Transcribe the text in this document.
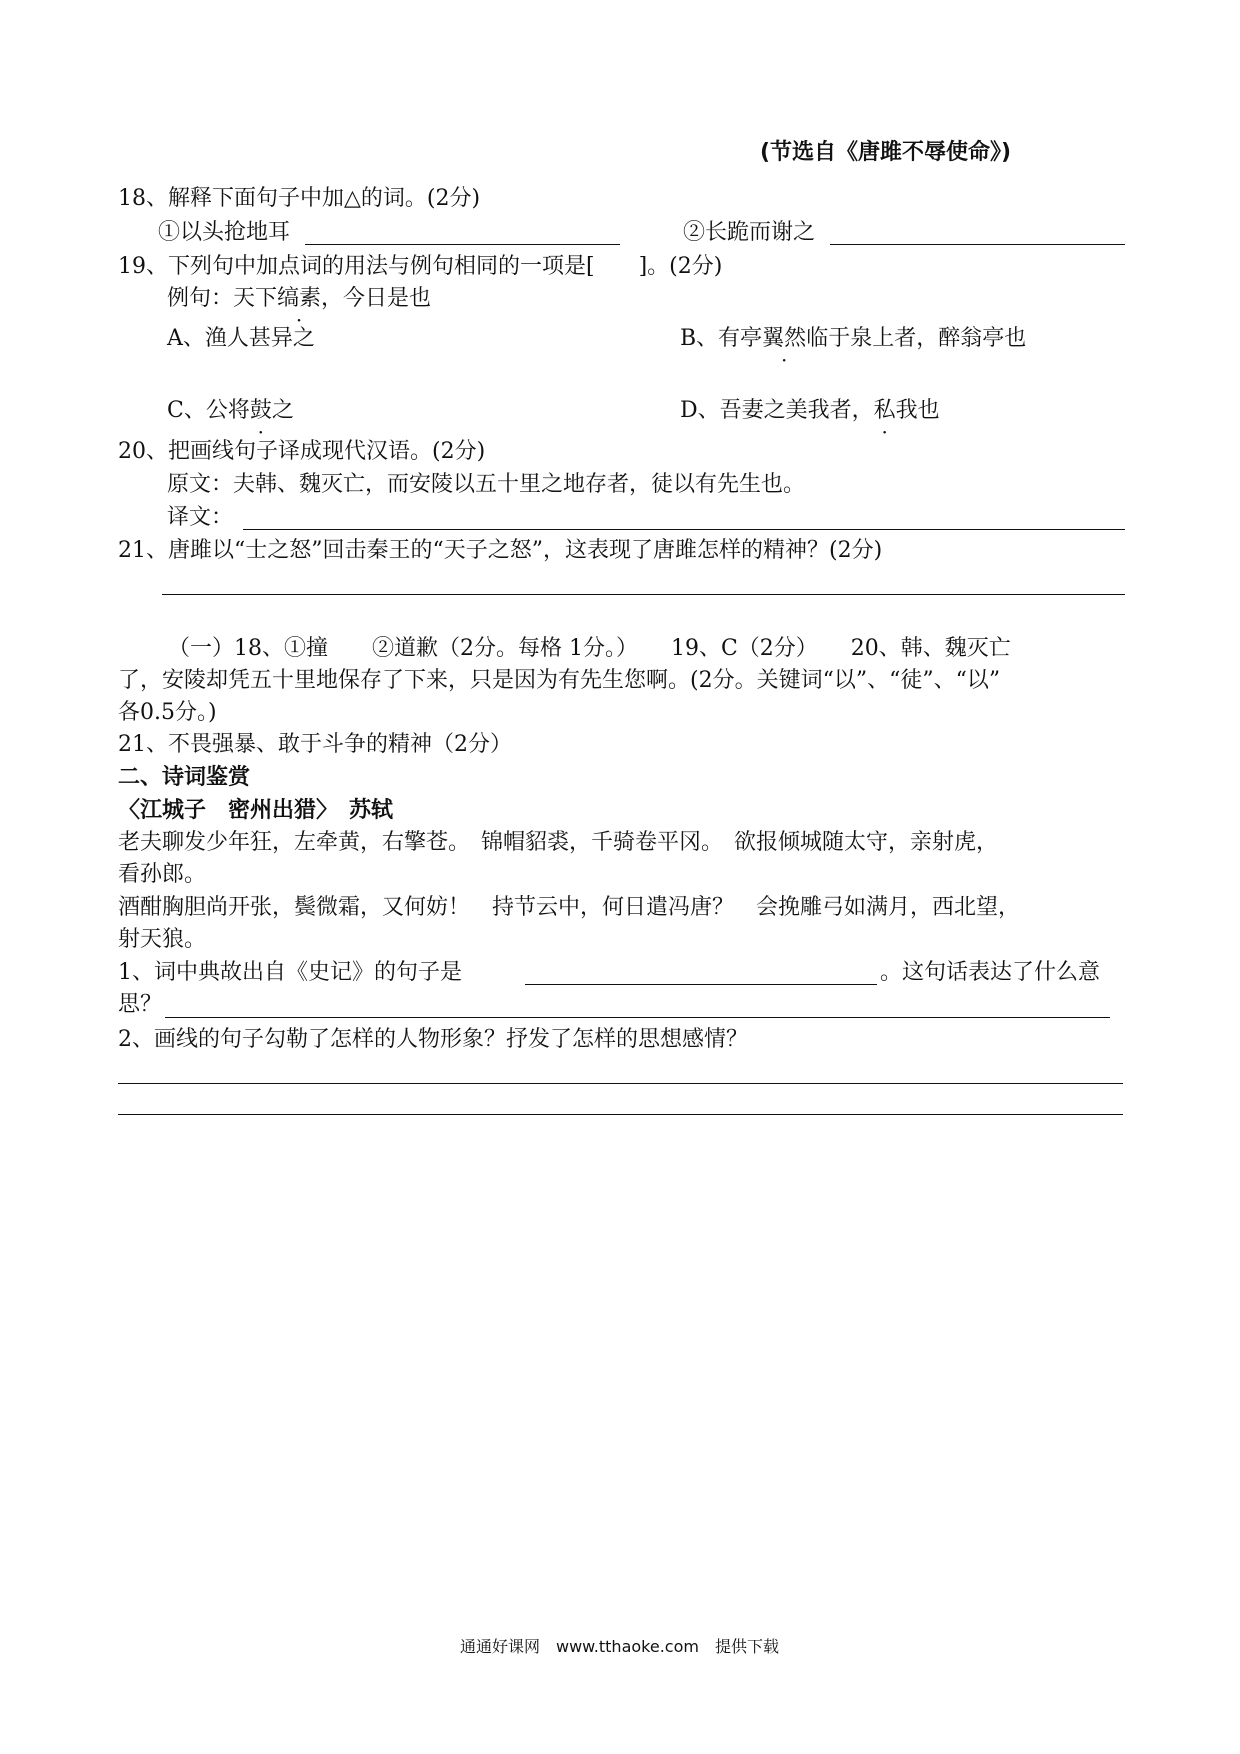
(节选自《唐雎不辱使命》)
18、解释下面句子中加△的词。(2分)
①以头抢地耳	②长跪而谢之
19、下列句中加点词的用法与例句相同的一项是[　　]。(2分)
例句：天下缟素，今日是也
A、渔人甚异之	B、有亭翼然临于泉上者，醉翁亭也
C、公将鼓之	D、吾妻之美我者，私我也
20、把画线句子译成现代汉语。(2分)
原文：夫韩、魏灭亡，而安陵以五十里之地存者，徒以有先生也。
译文：
21、唐雎以“士之怒”回击秦王的“天子之怒”，这表现了唐雎怎样的精神？(2分)
（一）18、①撞　　②道歉（2分。每格 1分。）　　19、C（2分）　　20、韩、魏灭亡
了，安陵却凭五十里地保存了下来，只是因为有先生您啊。(2分。关键词“以”、“徒”、“以”
各0.5分。)
21、不畏强暴、敢于斗争的精神（2分）
二、诗词鉴赏
〈江城子　密州出猎〉　苏轼
老夫聊发少年狂，左牵黄，右擎苍。　锦帽貂裘，千骑卷平冈。　欲报倾城随太守，亲射虎，
看孙郎。
酒酣胸胆尚开张，鬓微霜，又何妨！　持节云中，何日遣冯唐？　会挽雕弓如满月，西北望，
射天狼。
1、词中典故出自《史记》的句子是	。这句话表达了什么意
思？
2、画线的句子勾勒了怎样的人物形象？抒发了怎样的思想感情？
通通好课网　www.tthaoke.com　提供下载
